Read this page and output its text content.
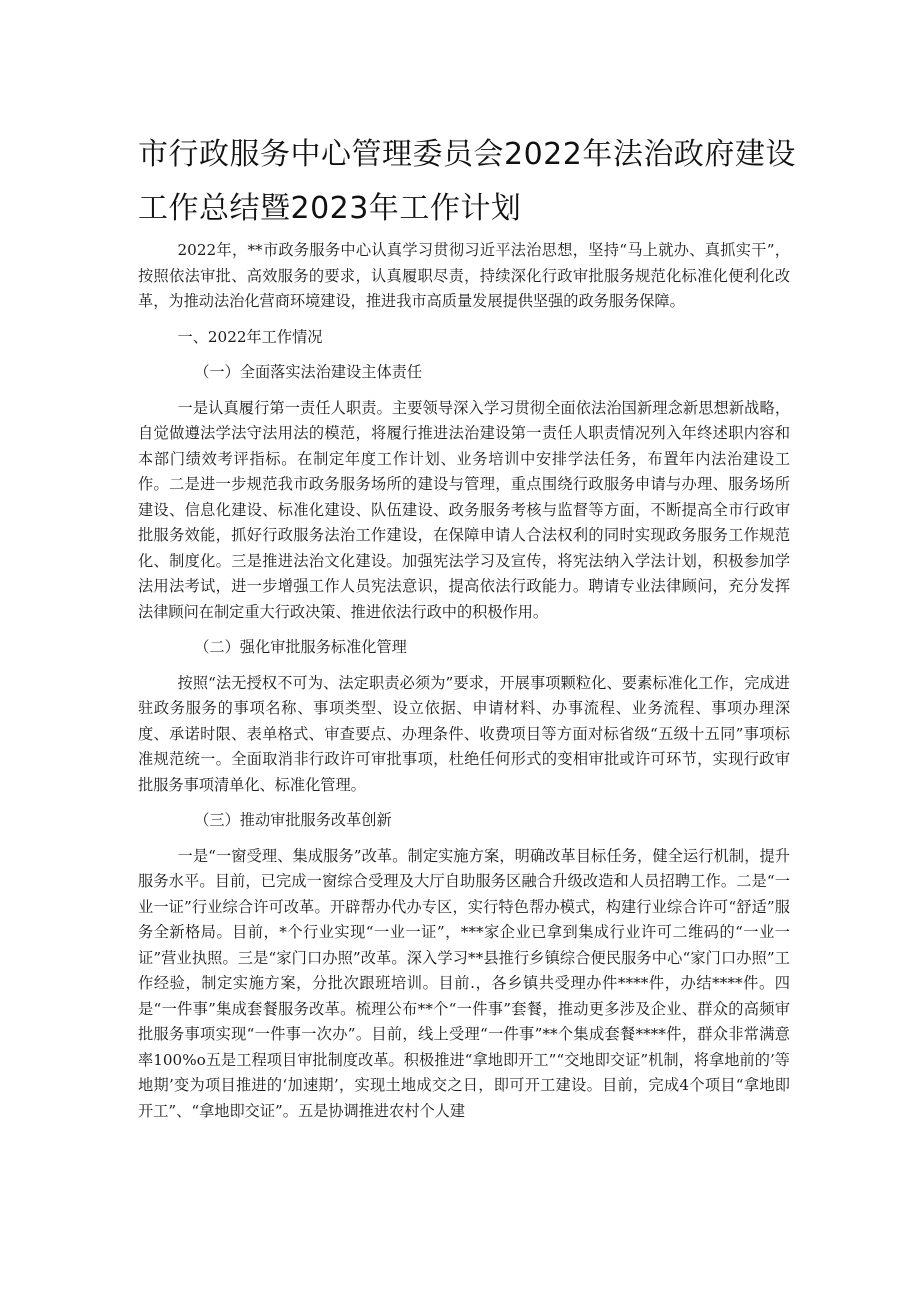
市行政服务中心管理委员会2022年法治政府建设工作总结暨2023年工作计划

2022年，**市政务服务中心认真学习贯彻习近平法治思想，坚持“马上就办、真抓实干”，按照依法审批、高效服务的要求，认真履职尽责，持续深化行政审批服务规范化标准化便利化改革，为推动法治化营商环境建设，推进我市高质量发展提供坚强的政务服务保障。

一、2022年工作情况

（一）全面落实法治建设主体责任

一是认真履行第一责任人职责。主要领导深入学习贯彻全面依法治国新理念新思想新战略，自觉做遵法学法守法用法的模范，将履行推进法治建设第一责任人职责情况列入年终述职内容和本部门绩效考评指标。在制定年度工作计划、业务培训中安排学法任务，布置年内法治建设工作。二是进一步规范我市政务服务场所的建设与管理，重点围绕行政服务申请与办理、服务场所建设、信息化建设、标准化建设、队伍建设、政务服务考核与监督等方面，不断提高全市行政审批服务效能，抓好行政服务法治工作建设，在保障申请人合法权利的同时实现政务服务工作规范化、制度化。三是推进法治文化建设。加强宪法学习及宣传，将宪法纳入学法计划，积极参加学法用法考试，进一步增强工作人员宪法意识，提高依法行政能力。聘请专业法律顾问，充分发挥法律顾问在制定重大行政决策、推进依法行政中的积极作用。

（二）强化审批服务标准化管理

按照“法无授权不可为、法定职责必须为”要求，开展事项颗粒化、要素标准化工作，完成进驻政务服务的事项名称、事项类型、设立依据、申请材料、办事流程、业务流程、事项办理深度、承诺时限、表单格式、审查要点、办理条件、收费项目等方面对标省级“五级十五同”事项标准规范统一。全面取消非行政许可审批事项，杜绝任何形式的变相审批或许可环节，实现行政审批服务事项清单化、标准化管理。

（三）推动审批服务改革创新

一是“一窗受理、集成服务”改革。制定实施方案，明确改革目标任务，健全运行机制，提升服务水平。目前，已完成一窗综合受理及大厅自助服务区融合升级改造和人员招聘工作。二是“一业一证”行业综合许可改革。开辟帮办代办专区，实行特色帮办模式，构建行业综合许可“舒适”服务全新格局。目前，*个行业实现“一业一证”，***家企业已拿到集成行业许可二维码的“一业一证”营业执照。三是“家门口办照”改革。深入学习**县推行乡镇综合便民服务中心“家门口办照”工作经验，制定实施方案，分批次跟班培训。目前.，各乡镇共受理办件****件，办结****件。四是“一件事”集成套餐服务改革。梳理公布**个“一件事”套餐，推动更多涉及企业、群众的高频审批服务事项实现“一件事一次办”。目前，线上受理“一件事”**个集成套餐****件，群众非常满意率100%o五是工程项目审批制度改革。积极推进“拿地即开工”“交地即交证”机制，将拿地前的’等地期’变为项目推进的‘加速期’，实现土地成交之日，即可开工建设。目前，完成4个项目“拿地即开工”、“拿地即交证”。五是协调推进农村个人建
